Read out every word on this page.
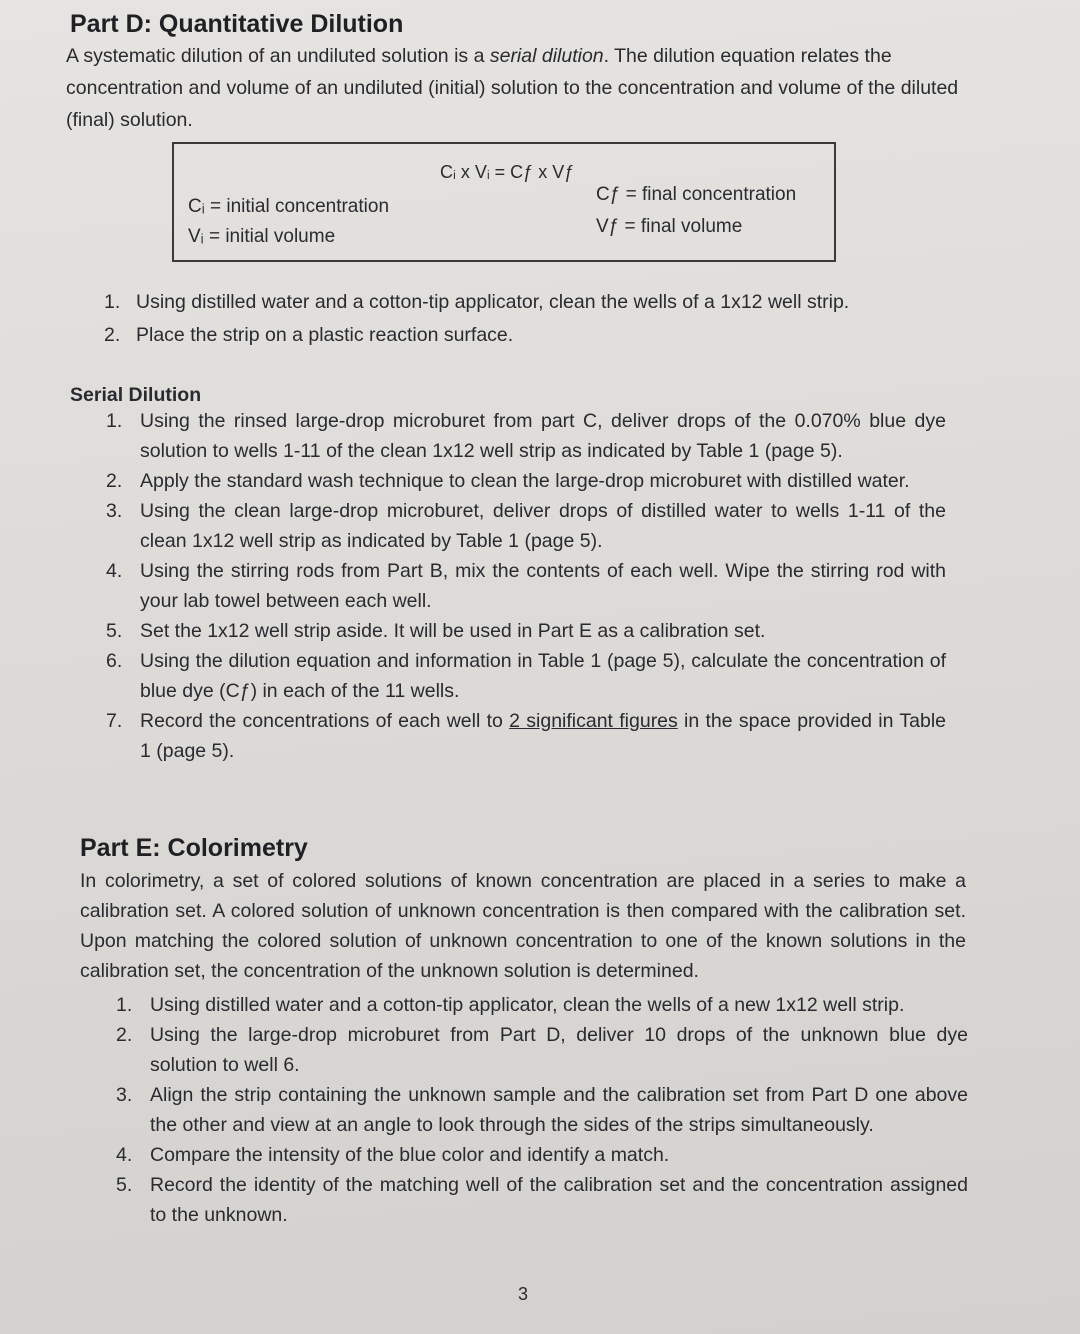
Part D: Quantitative Dilution

A systematic dilution of an undiluted solution is a serial dilution. The dilution equation relates the concentration and volume of an undiluted (initial) solution to the concentration and volume of the diluted (final) solution.

Cᵢ x Vᵢ = Cƒ x Vƒ
Cᵢ = initial concentration
Vᵢ = initial volume
Cƒ = final concentration
Vƒ = final volume
1. Using distilled water and a cotton-tip applicator, clean the wells of a 1x12 well strip.
2. Place the strip on a plastic reaction surface.
Serial Dilution
1. Using the rinsed large-drop microburet from part C, deliver drops of the 0.070% blue dye solution to wells 1-11 of the clean 1x12 well strip as indicated by Table 1 (page 5).
2. Apply the standard wash technique to clean the large-drop microburet with distilled water.
3. Using the clean large-drop microburet, deliver drops of distilled water to wells 1-11 of the clean 1x12 well strip as indicated by Table 1 (page 5).
4. Using the stirring rods from Part B, mix the contents of each well. Wipe the stirring rod with your lab towel between each well.
5. Set the 1x12 well strip aside. It will be used in Part E as a calibration set.
6. Using the dilution equation and information in Table 1 (page 5), calculate the concentration of blue dye (Cƒ) in each of the 11 wells.
7. Record the concentrations of each well to 2 significant figures in the space provided in Table 1 (page 5).
Part E: Colorimetry

In colorimetry, a set of colored solutions of known concentration are placed in a series to make a calibration set. A colored solution of unknown concentration is then compared with the calibration set. Upon matching the colored solution of unknown concentration to one of the known solutions in the calibration set, the concentration of the unknown solution is determined.

1. Using distilled water and a cotton-tip applicator, clean the wells of a new 1x12 well strip.
2. Using the large-drop microburet from Part D, deliver 10 drops of the unknown blue dye solution to well 6.
3. Align the strip containing the unknown sample and the calibration set from Part D one above the other and view at an angle to look through the sides of the strips simultaneously.
4. Compare the intensity of the blue color and identify a match.
5. Record the identity of the matching well of the calibration set and the concentration assigned to the unknown.
3
